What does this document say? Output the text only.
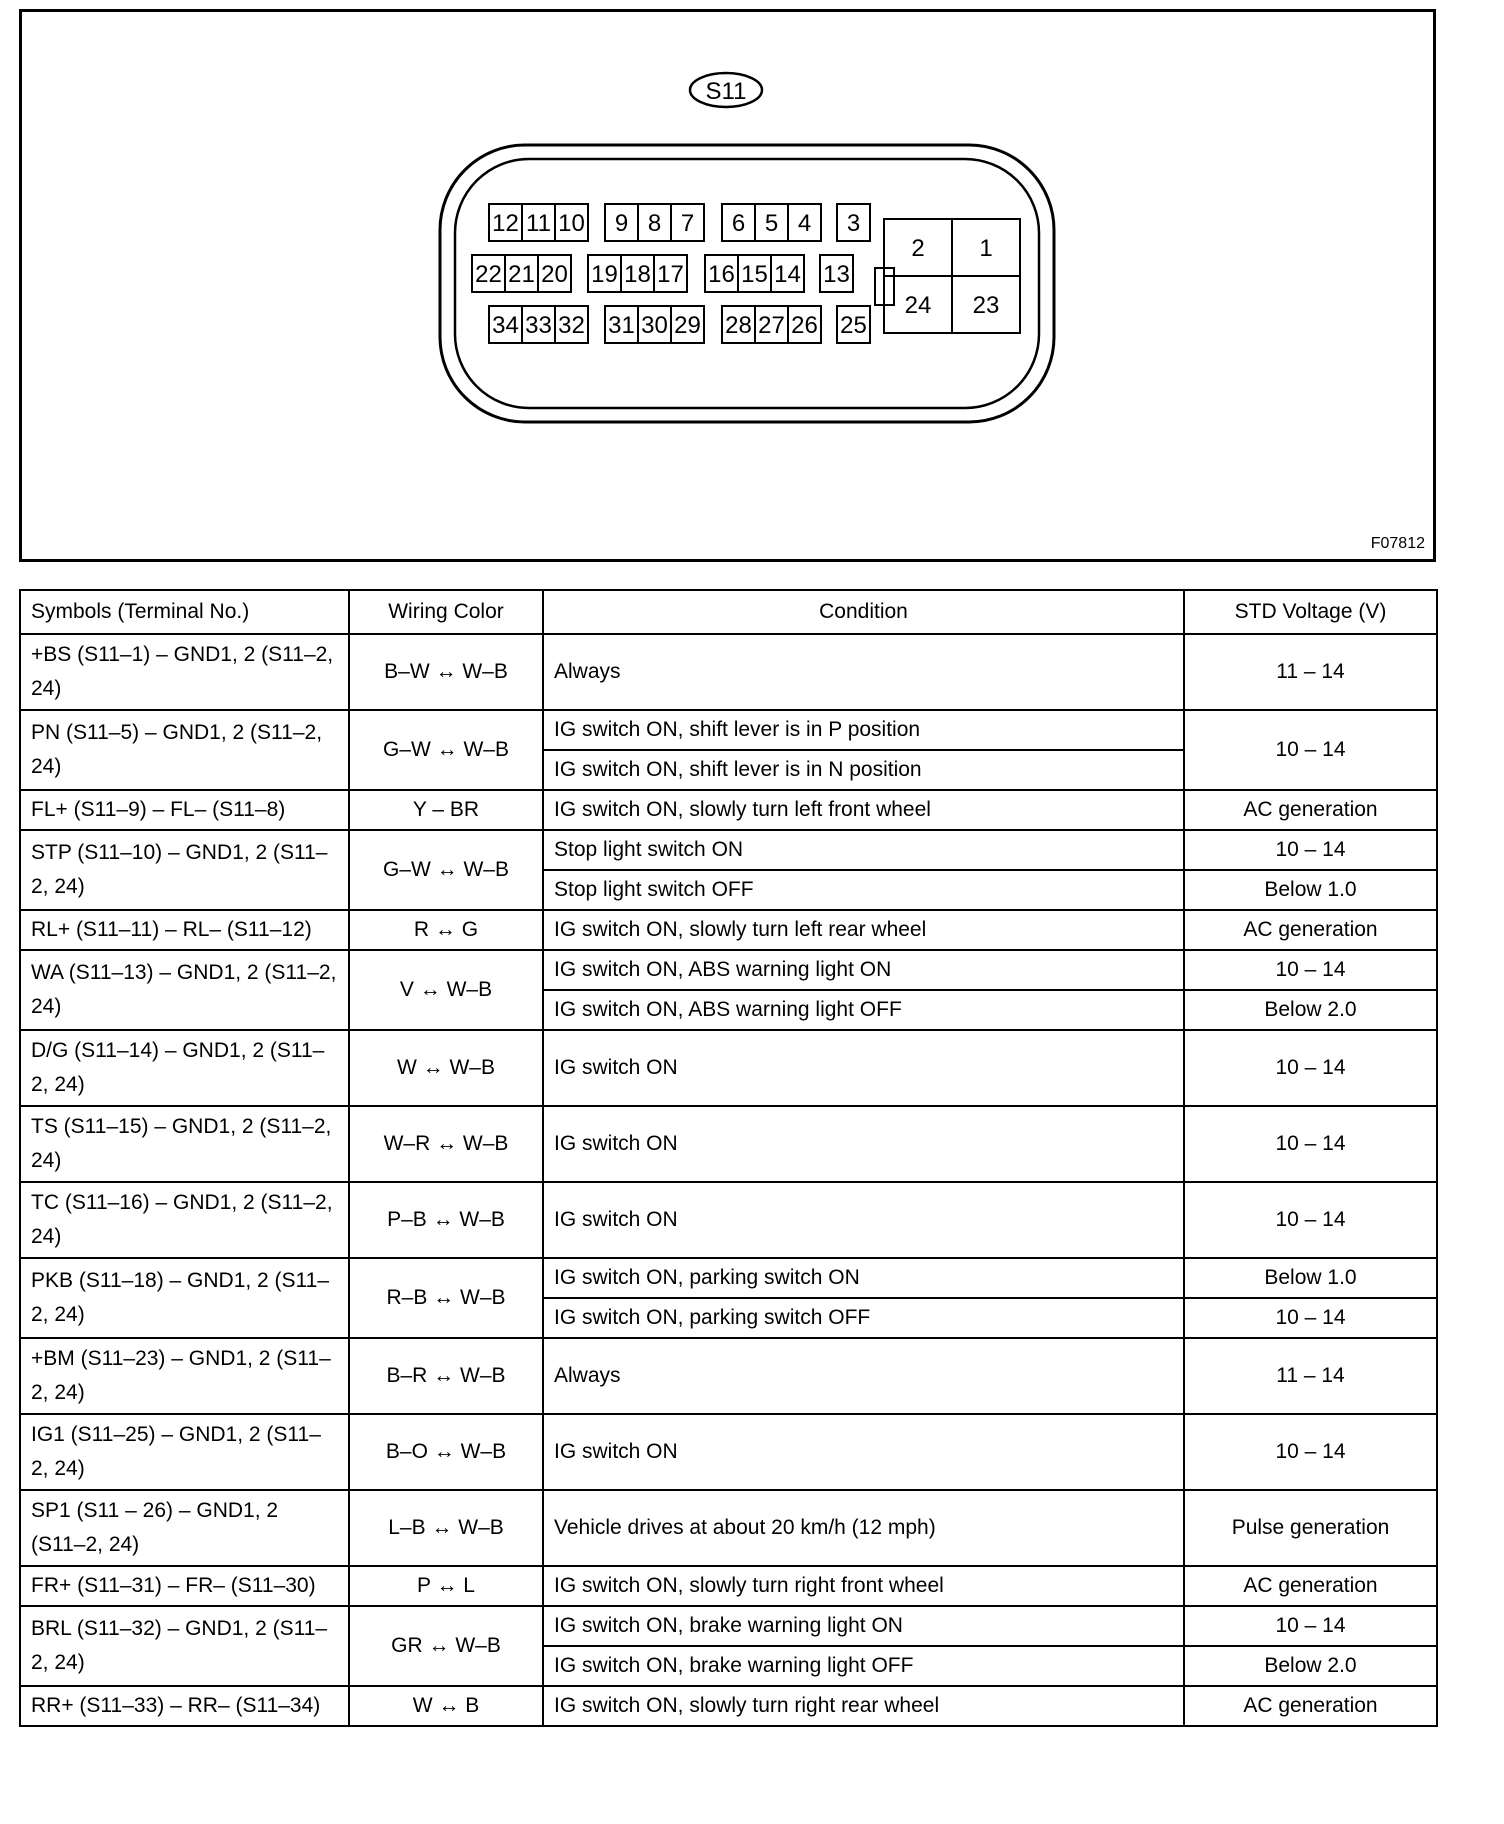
S11
12 11 10 9 8 7 6 5 4 3
22 21 20 19 18 17 16 15 14 13
34 33 32 31 30 29 28 27 26 25
2 1
24 23
F07812
Symbols (Terminal No.)	Wiring Color	Condition	STD Voltage (V)
+BS (S11–1) – GND1, 2 (S11–2, 24)	B–W ↔ W–B	Always	11 – 14
PN (S11–5) – GND1, 2 (S11–2, 24)	G–W ↔ W–B	IG switch ON, shift lever is in P position	10 – 14
		IG switch ON, shift lever is in N position	
FL+ (S11–9) – FL– (S11–8)	Y – BR	IG switch ON, slowly turn left front wheel	AC generation
STP (S11–10) – GND1, 2 (S11–2, 24)	G–W ↔ W–B	Stop light switch ON	10 – 14
		Stop light switch OFF	Below 1.0
RL+ (S11–11) – RL– (S11–12)	R ↔ G	IG switch ON, slowly turn left rear wheel	AC generation
WA (S11–13) – GND1, 2 (S11–2, 24)	V ↔ W–B	IG switch ON, ABS warning light ON	10 – 14
		IG switch ON, ABS warning light OFF	Below 2.0
D/G (S11–14) – GND1, 2 (S11–2, 24)	W ↔ W–B	IG switch ON	10 – 14
TS (S11–15) – GND1, 2 (S11–2, 24)	W–R ↔ W–B	IG switch ON	10 – 14
TC (S11–16) – GND1, 2 (S11–2, 24)	P–B ↔ W–B	IG switch ON	10 – 14
PKB (S11–18) – GND1, 2 (S11–2, 24)	R–B ↔ W–B	IG switch ON, parking switch ON	Below 1.0
		IG switch ON, parking switch OFF	10 – 14
+BM (S11–23) – GND1, 2 (S11–2, 24)	B–R ↔ W–B	Always	11 – 14
IG1 (S11–25) – GND1, 2 (S11–2, 24)	B–O ↔ W–B	IG switch ON	10 – 14
SP1 (S11 – 26) – GND1, 2 (S11–2, 24)	L–B ↔ W–B	Vehicle drives at about 20 km/h (12 mph)	Pulse generation
FR+ (S11–31) – FR– (S11–30)	P ↔ L	IG switch ON, slowly turn right front wheel	AC generation
BRL (S11–32) – GND1, 2 (S11–2, 24)	GR ↔ W–B	IG switch ON, brake warning light ON	10 – 14
		IG switch ON, brake warning light OFF	Below 2.0
RR+ (S11–33) – RR– (S11–34)	W ↔ B	IG switch ON, slowly turn right rear wheel	AC generation
